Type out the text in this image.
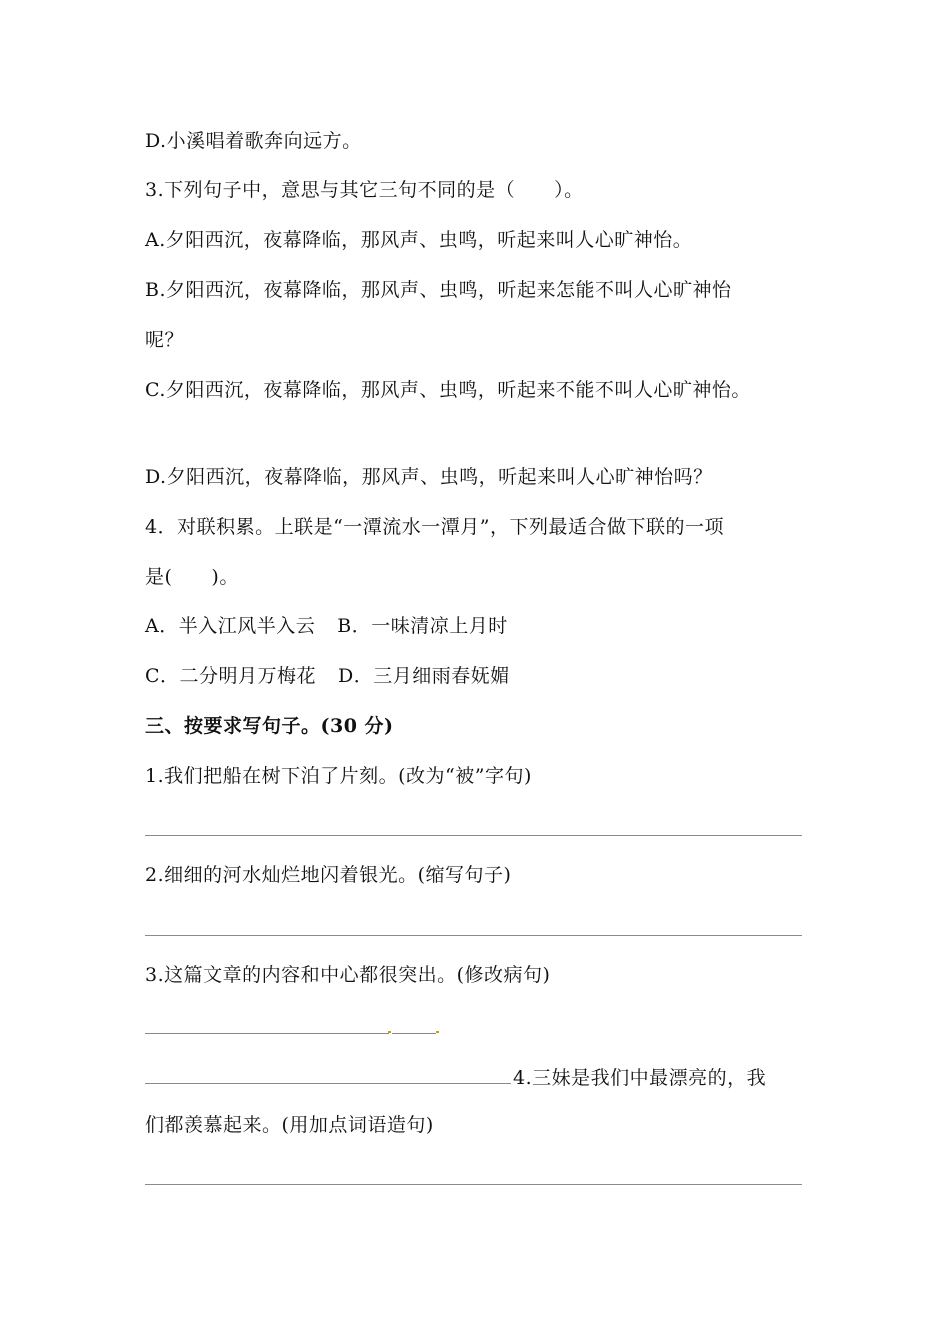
D.小溪唱着歌奔向远方。
3.下列句子中，意思与其它三句不同的是（　　）。
A.夕阳西沉，夜幕降临，那风声、虫鸣，听起来叫人心旷神怡。
B.夕阳西沉，夜幕降临，那风声、虫鸣，听起来怎能不叫人心旷神怡
呢？
C.夕阳西沉，夜幕降临，那风声、虫鸣，听起来不能不叫人心旷神怡。
D.夕阳西沉，夜幕降临，那风声、虫鸣，听起来叫人心旷神怡吗？
4．对联积累。上联是“一潭流水一潭月”，下列最适合做下联的一项
是(　　)。
A．半入江风半入云 B．一味清凉上月时
C．二分明月万梅花 D．三月细雨春妩媚
三、按要求写句子。(30 分)
1.我们把船在树下泊了片刻。(改为“被”字句)
2.细细的河水灿烂地闪着银光。(缩写句子)
3.这篇文章的内容和中心都很突出。(修改病句)
4.三妹是我们中最漂亮的，我
们都羡慕起来。(用加点词语造句)
